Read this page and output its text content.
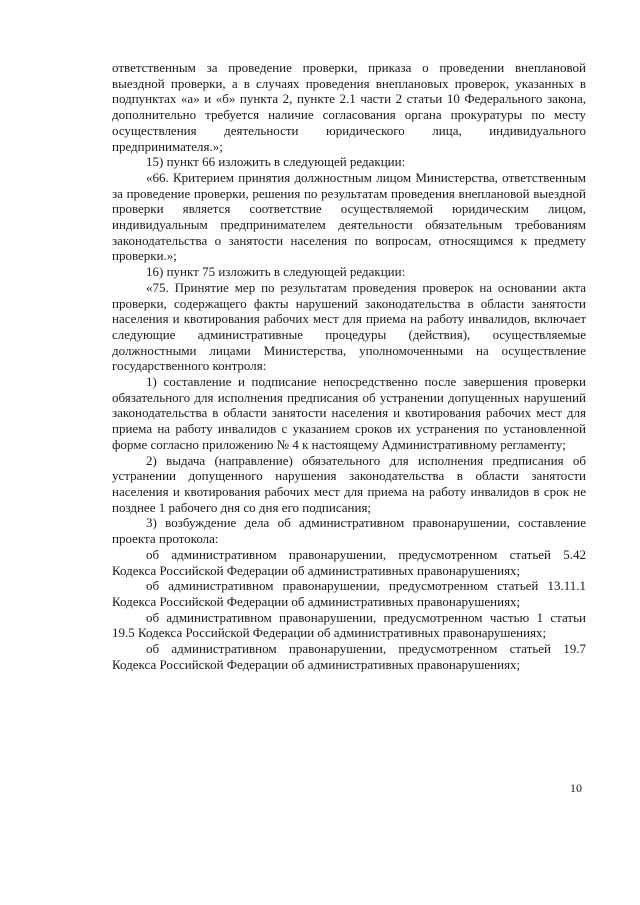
ответственным за проведение проверки, приказа о проведении внеплановой выездной проверки, а в случаях проведения внеплановых проверок, указанных в подпунктах «а» и «б» пункта 2, пункте 2.1 части 2 статьи 10 Федерального закона, дополнительно требуется наличие согласования органа прокуратуры по месту осуществления деятельности юридического лица, индивидуального предпринимателя.»;

15) пункт 66 изложить в следующей редакции:

«66. Критерием принятия должностным лицом Министерства, ответственным за проведение проверки, решения по результатам проведения внеплановой выездной проверки является соответствие осуществляемой юридическим лицом, индивидуальным предпринимателем деятельности обязательным требованиям законодательства о занятости населения по вопросам, относящимся к предмету проверки.»;

16) пункт 75 изложить в следующей редакции:

«75. Принятие мер по результатам проведения проверок на основании акта проверки, содержащего факты нарушений законодательства в области занятости населения и квотирования рабочих мест для приема на работу инвалидов, включает следующие административные процедуры (действия), осуществляемые должностными лицами Министерства, уполномоченными на осуществление государственного контроля:

1) составление и подписание непосредственно после завершения проверки обязательного для исполнения предписания об устранении допущенных нарушений законодательства в области занятости населения и квотирования рабочих мест для приема на работу инвалидов с указанием сроков их устранения по установленной форме согласно приложению № 4 к настоящему Административному регламенту;

2) выдача (направление) обязательного для исполнения предписания об устранении допущенного нарушения законодательства в области занятости населения и квотирования рабочих мест для приема на работу инвалидов в срок не позднее 1 рабочего дня со дня его подписания;

3) возбуждение дела об административном правонарушении, составление проекта протокола:

об административном правонарушении, предусмотренном статьей 5.42 Кодекса Российской Федерации об административных правонарушениях;

об административном правонарушении, предусмотренном статьей 13.11.1 Кодекса Российской Федерации об административных правонарушениях;

об административном правонарушении, предусмотренном частью 1 статьи 19.5 Кодекса Российской Федерации об административных правонарушениях;

об административном правонарушении, предусмотренном статьей 19.7 Кодекса Российской Федерации об административных правонарушениях;

10
